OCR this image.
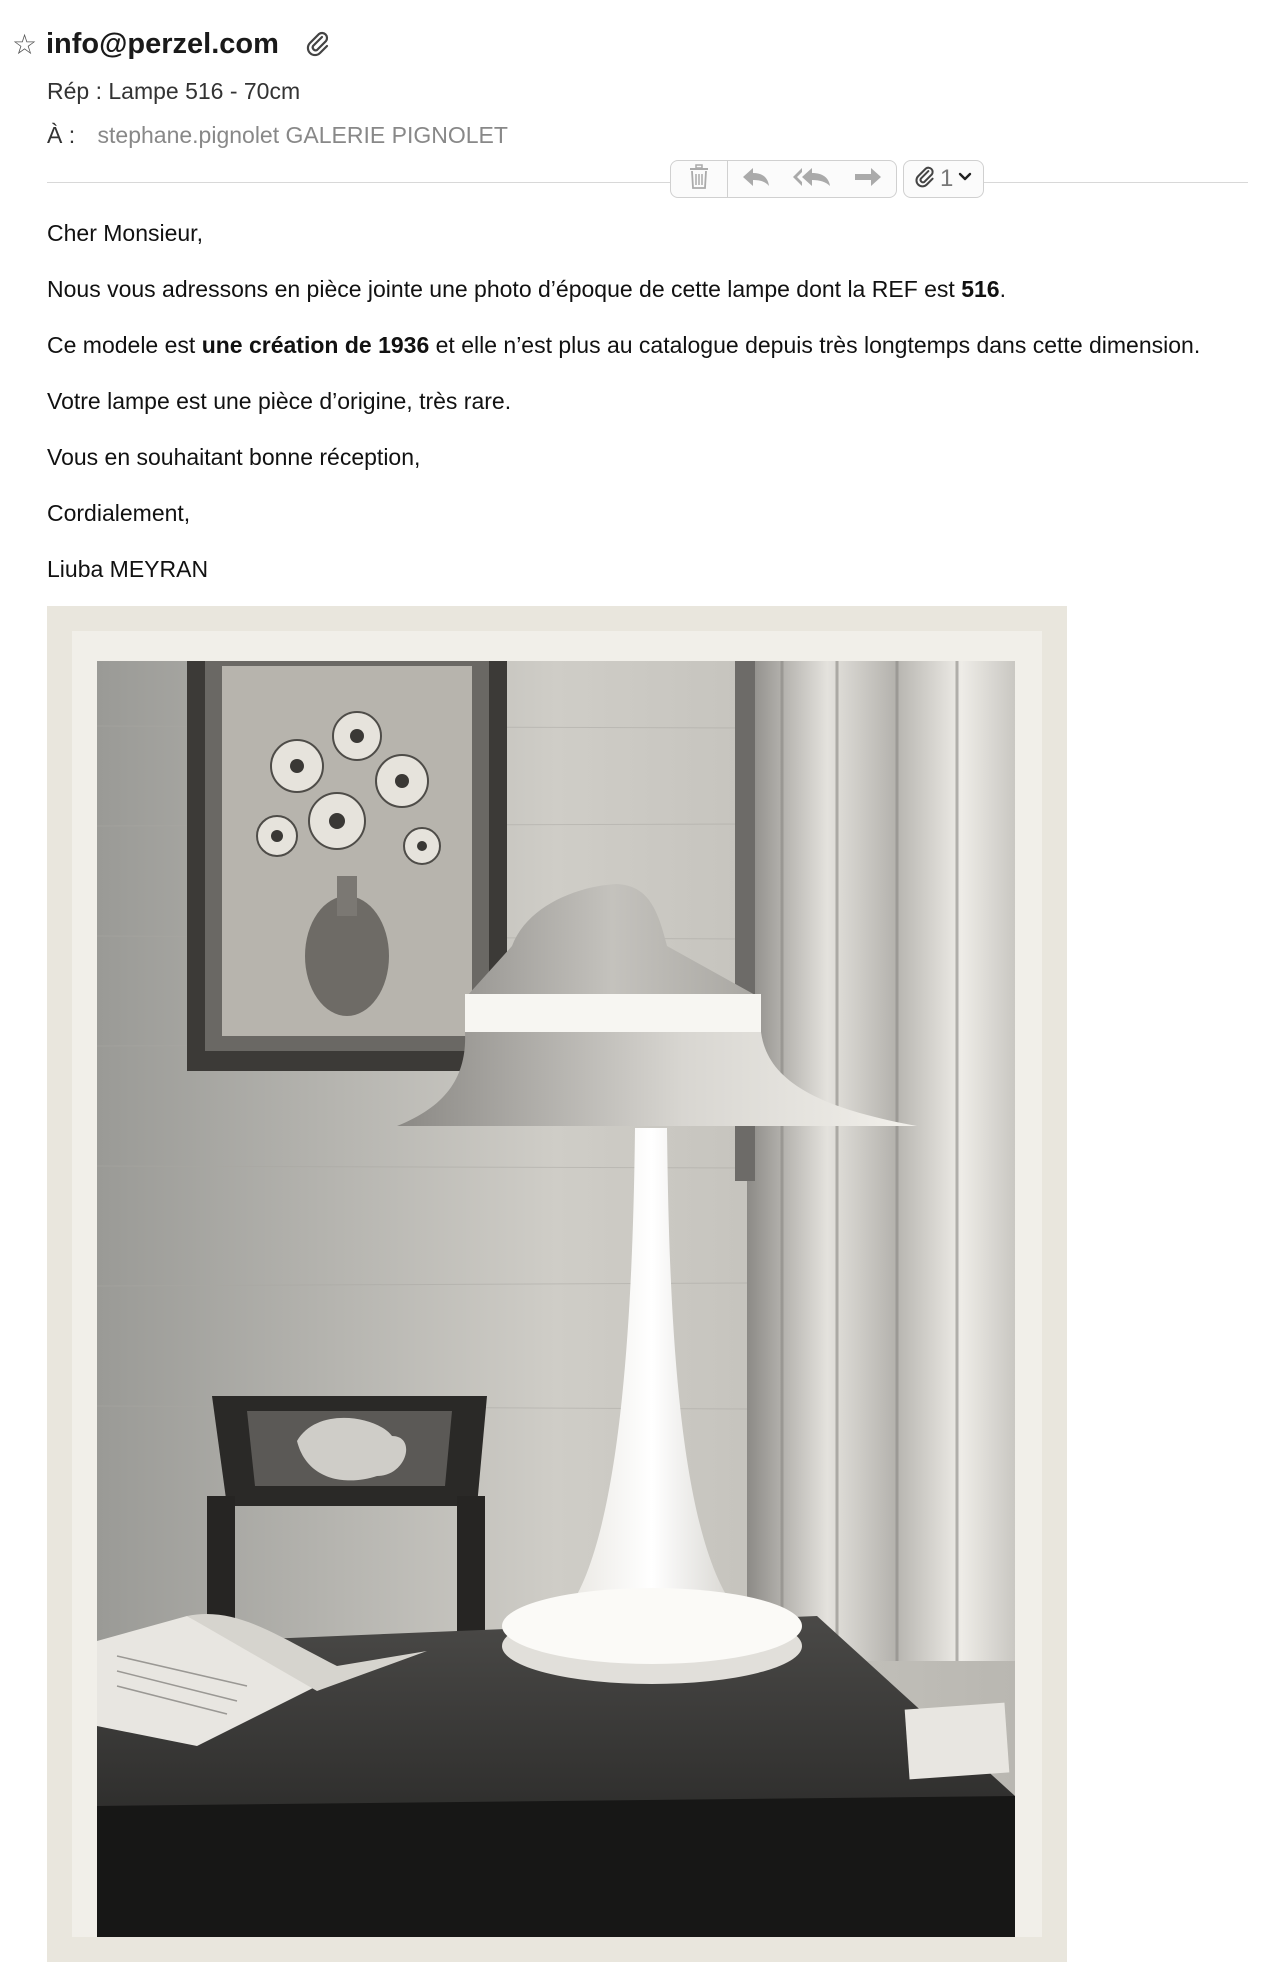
☆ info@perzel.com
Rép : Lampe 516 - 70cm
À : stephane.pignolet GALERIE PIGNOLET
1
Cher Monsieur,
Nous vous adressons en pièce jointe une photo d’époque de cette lampe dont la REF est 516.
Ce modele est une création de 1936 et elle n’est plus au catalogue depuis très longtemps dans cette dimension.
Votre lampe est une pièce d’origine, très rare.
Vous en souhaitant bonne réception,
Cordialement,
Liuba MEYRAN
